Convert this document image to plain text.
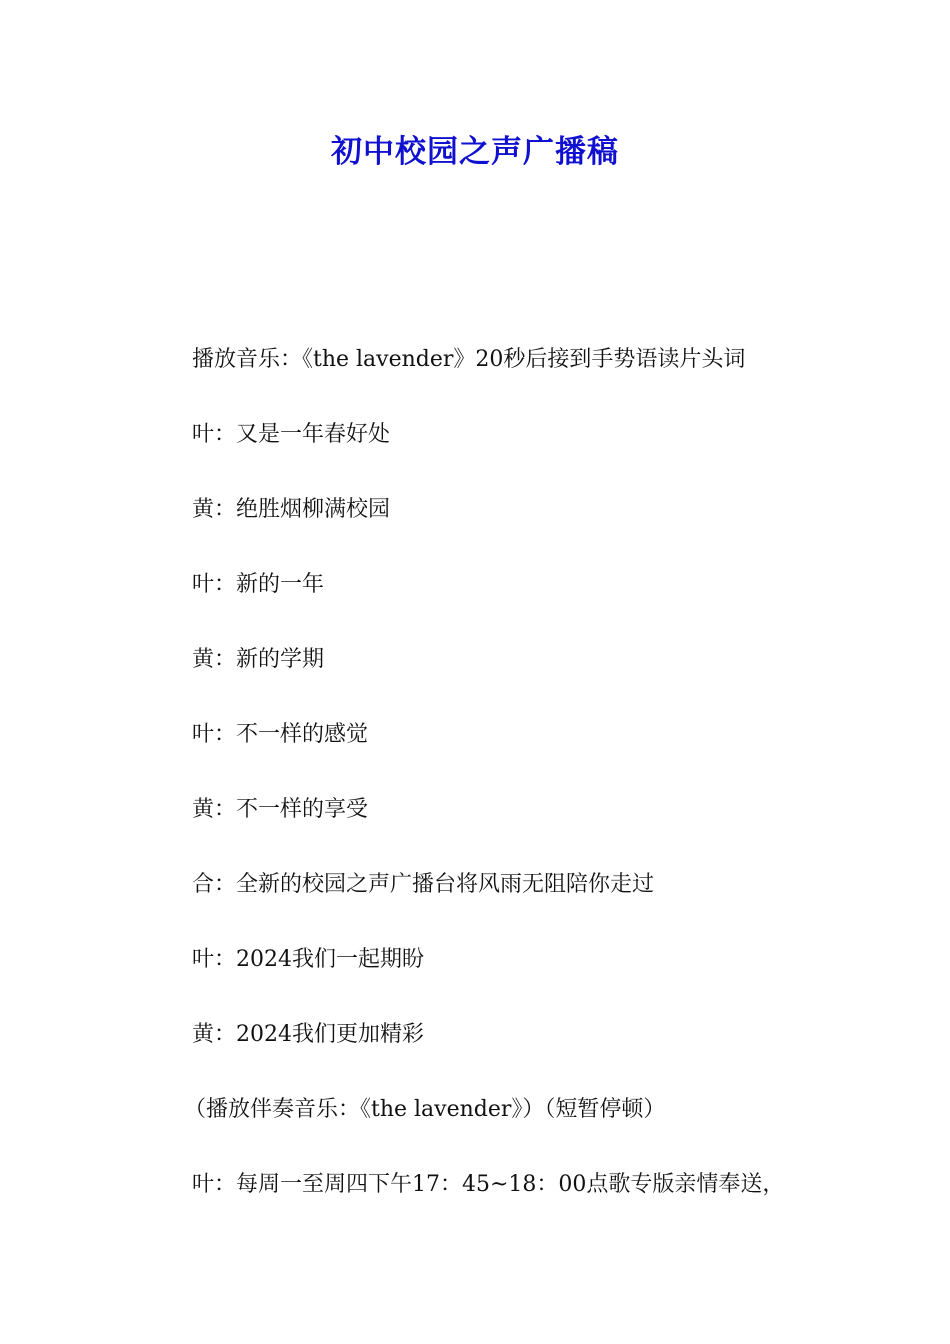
初中校园之声广播稿
播放音乐：《the lavender》20秒后接到手势语读片头词
叶：又是一年春好处
黄：绝胜烟柳满校园
叶：新的一年
黄：新的学期
叶：不一样的感觉
黄：不一样的享受
合：全新的校园之声广播台将风雨无阻陪你走过
叶：2024我们一起期盼
黄：2024我们更加精彩
（播放伴奏音乐：《the lavender》）（短暂停顿）
叶：每周一至周四下午17：45~18：00点歌专版亲情奉送，
